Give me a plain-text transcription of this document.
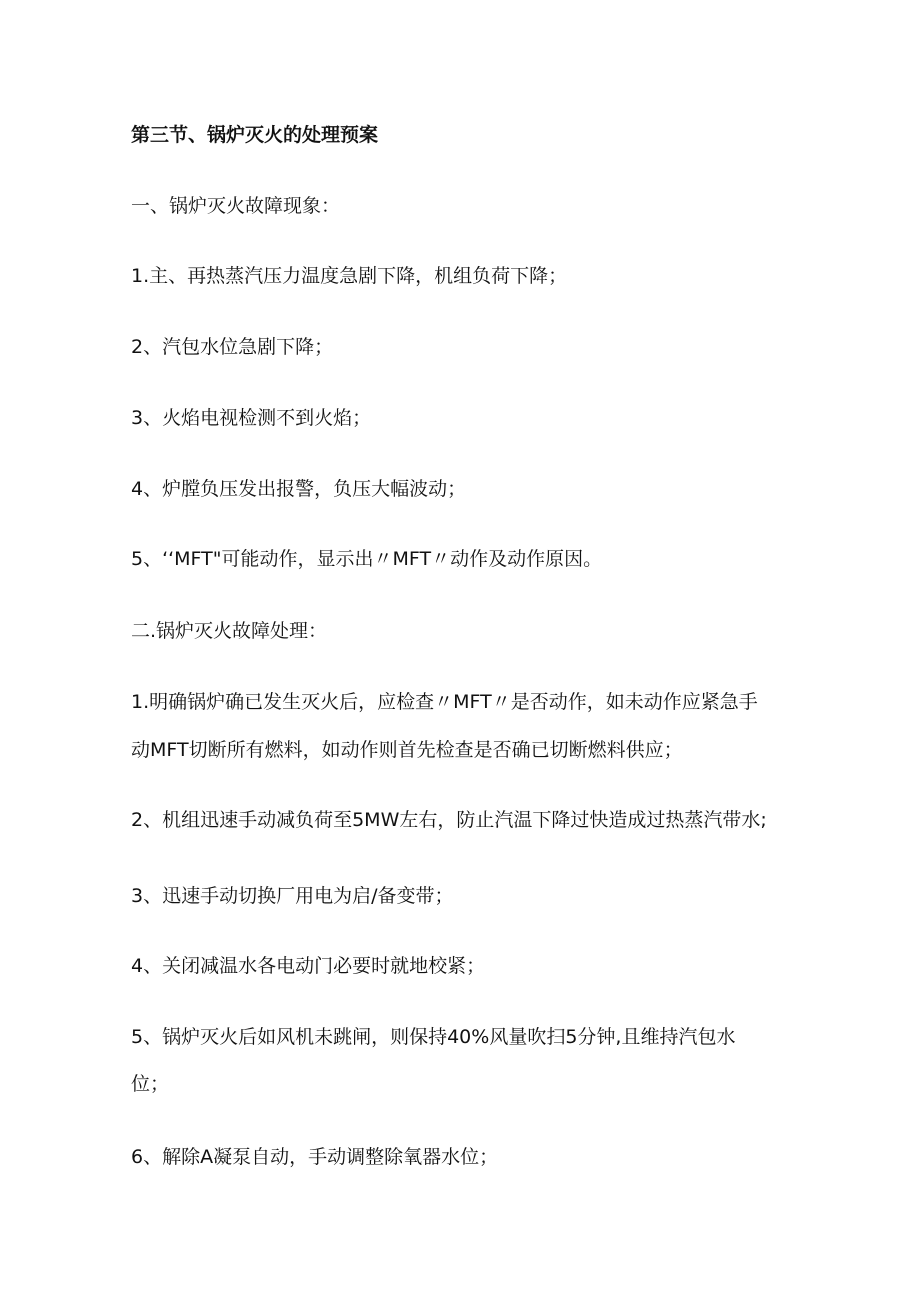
第三节、锅炉灭火的处理预案
一、锅炉灭火故障现象：
1.主、再热蒸汽压力温度急剧下降，机组负荷下降；
2、汽包水位急剧下降；
3、火焰电视检测不到火焰；
4、炉膛负压发出报警，负压大幅波动；
5、‘‘MFT"可能动作，显示出〃MFT〃动作及动作原因。
二.锅炉灭火故障处理：
1.明确锅炉确已发生灭火后，应检查〃MFT〃是否动作，如未动作应紧急手
动MFT切断所有燃料，如动作则首先检查是否确已切断燃料供应；
2、机组迅速手动减负荷至5MW左右，防止汽温下降过快造成过热蒸汽带水;
3、迅速手动切换厂用电为启/备变带；
4、关闭减温水各电动门必要时就地校紧；
5、锅炉灭火后如风机未跳闸，则保持40%风量吹扫5分钟,且维持汽包水
位；
6、解除A凝泵自动，手动调整除氧器水位；
